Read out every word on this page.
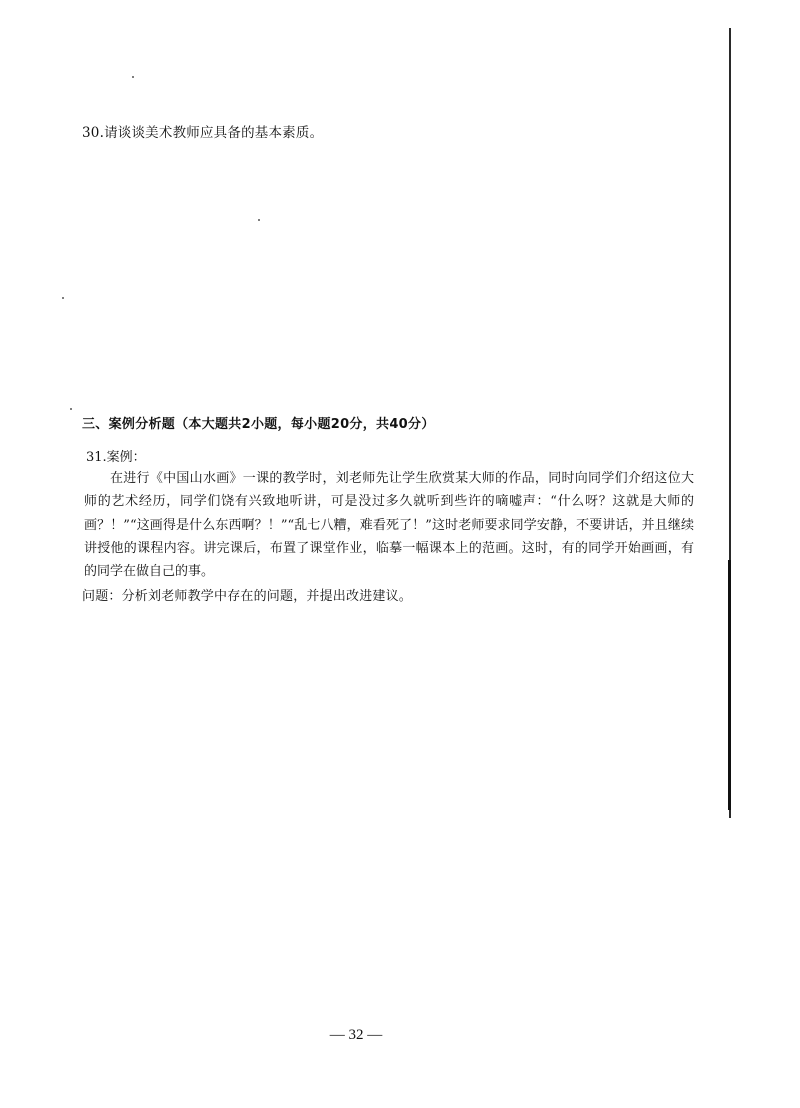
30.请谈谈美术教师应具备的基本素质。
三、案例分析题（本大题共2小题，每小题20分，共40分）
31.案例：

在进行《中国山水画》一课的教学时，刘老师先让学生欣赏某大师的作品，同时向同学们介绍这位大师的艺术经历，同学们饶有兴致地听讲，可是没过多久就听到些许的嘀嘘声：“什么呀？这就是大师的画？！”“这画得是什么东西啊？！”“乱七八糟，难看死了！”这时老师要求同学安静，不要讲话，并且继续讲授他的课程内容。讲完课后，布置了课堂作业，临摹一幅课本上的范画。这时，有的同学开始画画，有的同学在做自己的事。

问题：分析刘老师教学中存在的问题，并提出改进建议。
— 32 —
